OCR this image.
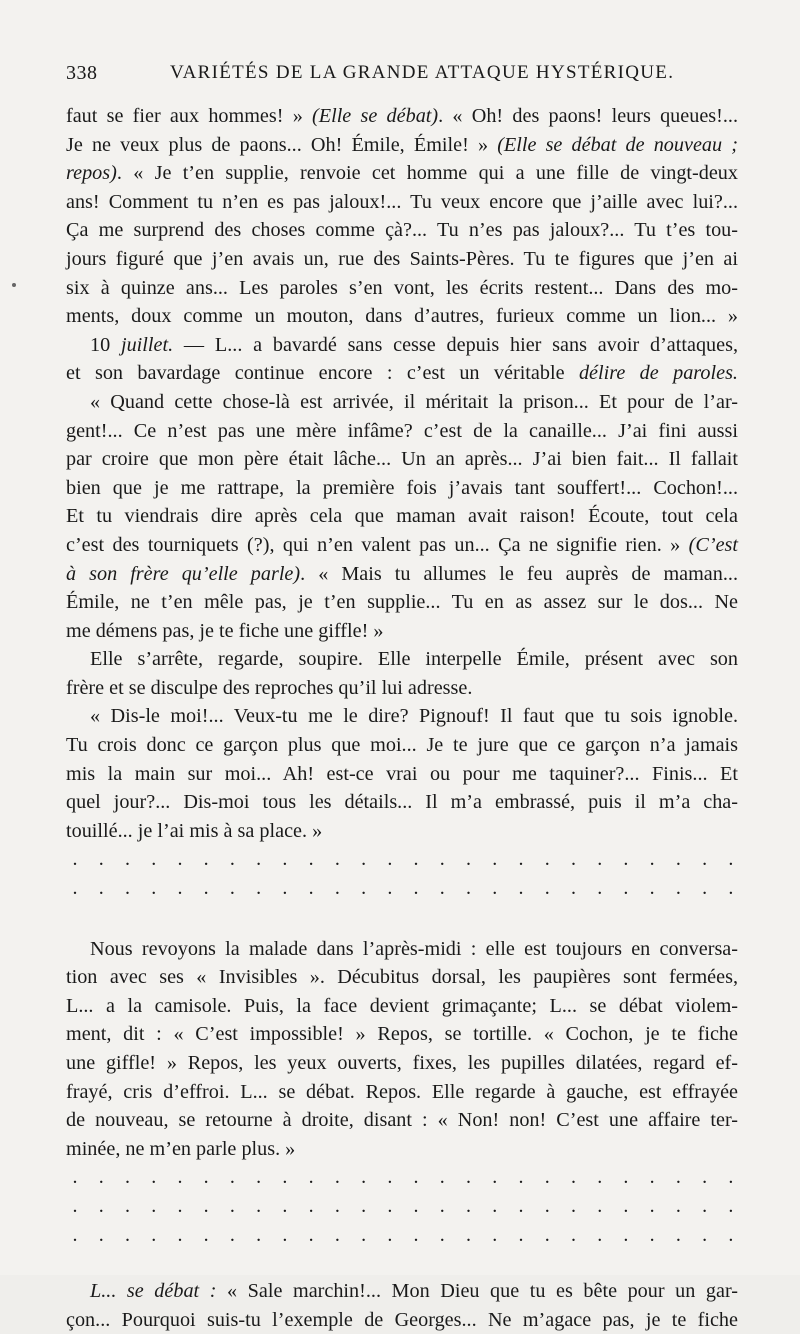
338	VARIÉTÉS DE LA GRANDE ATTAQUE HYSTÉRIQUE.
faut se fier aux hommes! » (Elle se débat). « Oh! des paons! leurs queues!...
Je ne veux plus de paons... Oh! Émile, Émile! » (Elle se débat de nouveau ;
repos). « Je t’en supplie, renvoie cet homme qui a une fille de vingt-deux
ans! Comment tu n’en es pas jaloux!... Tu veux encore que j’aille avec lui?...
Ça me surprend des choses comme çà?... Tu n’es pas jaloux?... Tu t’es tou-
jours figuré que j’en avais un, rue des Saints-Pères. Tu te figures que j’en ai
six à quinze ans... Les paroles s’en vont, les écrits restent... Dans des mo-
ments, doux comme un mouton, dans d’autres, furieux comme un lion... »
10 juillet. — L... a bavardé sans cesse depuis hier sans avoir d’attaques,
et son bavardage continue encore : c’est un véritable délire de paroles.
« Quand cette chose-là est arrivée, il méritait la prison... Et pour de l’ar-
gent!... Ce n’est pas une mère infâme? c’est de la canaille... J’ai fini aussi
par croire que mon père était lâche... Un an après... J’ai bien fait... Il fallait
bien que je me rattrape, la première fois j’avais tant souffert!... Cochon!...
Et tu viendrais dire après cela que maman avait raison! Écoute, tout cela
c’est des tourniquets (?), qui n’en valent pas un... Ça ne signifie rien. » (C’est
à son frère qu’elle parle). « Mais tu allumes le feu auprès de maman...
Émile, ne t’en mêle pas, je t’en supplie... Tu en as assez sur le dos... Ne
me démens pas, je te fiche une giffle! »
Elle s’arrête, regarde, soupire. Elle interpelle Émile, présent avec son
frère et se disculpe des reproches qu’il lui adresse.
« Dis-le moi!... Veux-tu me le dire? Pignouf! Il faut que tu sois ignoble.
Tu crois donc ce garçon plus que moi... Je te jure que ce garçon n’a jamais
mis la main sur moi... Ah! est-ce vrai ou pour me taquiner?... Finis... Et
quel jour?... Dis-moi tous les détails... Il m’a embrassé, puis il m’a cha-
touillé... je l’ai mis à sa place. »
. . . . . . . . . . . . . . . . . . . . . . . . . .
. . . . . . . . . . . . . . . . . . . . . . . . . .
Nous revoyons la malade dans l’après-midi : elle est toujours en conversa-
tion avec ses « Invisibles ». Décubitus dorsal, les paupières sont fermées,
L... a la camisole. Puis, la face devient grimaçante; L... se débat violem-
ment, dit : « C’est impossible! » Repos, se tortille. « Cochon, je te fiche
une giffle! » Repos, les yeux ouverts, fixes, les pupilles dilatées, regard ef-
frayé, cris d’effroi. L... se débat. Repos. Elle regarde à gauche, est effrayée
de nouveau, se retourne à droite, disant : « Non! non! C’est une affaire ter-
minée, ne m’en parle plus. »
. . . . . . . . . . . . . . . . . . . . . . . . . .
. . . . . . . . . . . . . . . . . . . . . . . . . .
. . . . . . . . . . . . . . . . . . . . . . . . . .
L... se débat : « Sale marchin!... Mon Dieu que tu es bête pour un gar-
çon... Pourquoi suis-tu l’exemple de Georges... Ne m’agace pas, je te fiche
